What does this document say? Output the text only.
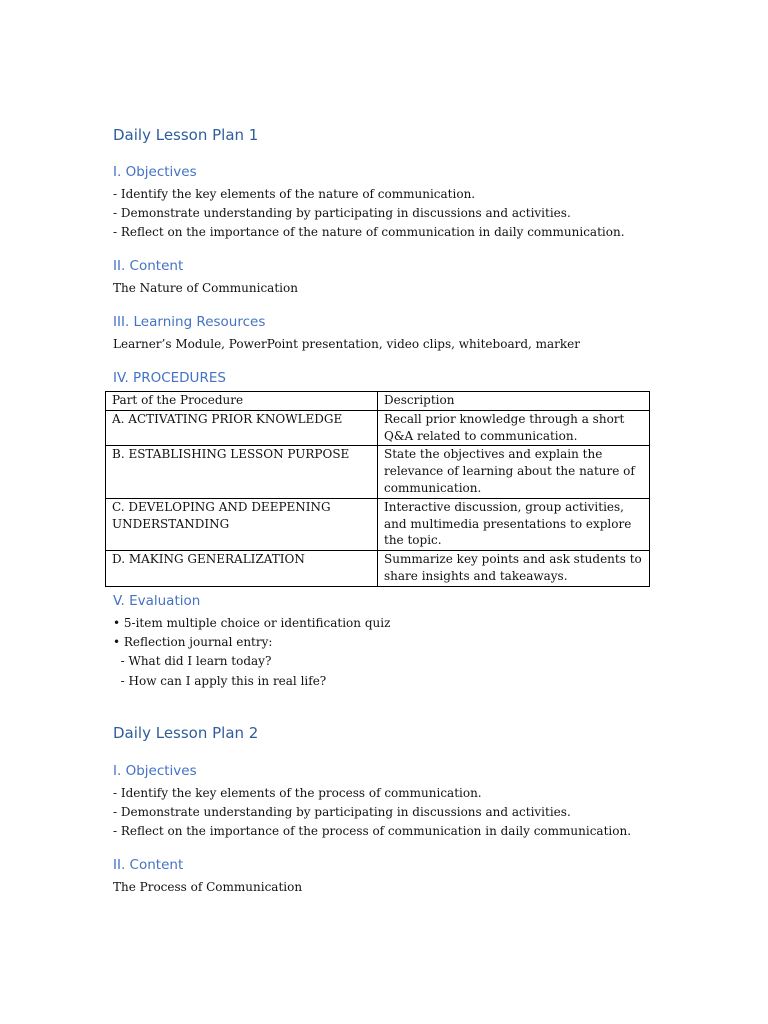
Daily Lesson Plan 1
I. Objectives

- Identify the key elements of the nature of communication.

- Demonstrate understanding by participating in discussions and activities.

- Reflect on the importance of the nature of communication in daily communication.

II. Content

The Nature of Communication

III. Learning Resources

Learner’s Module, PowerPoint presentation, video clips, whiteboard, marker

IV. PROCEDURES
Part of the Procedure	Description
A. ACTIVATING PRIOR KNOWLEDGE	Recall prior knowledge through a short Q&A related to communication.
B. ESTABLISHING LESSON PURPOSE	State the objectives and explain the relevance of learning about the nature of communication.
C. DEVELOPING AND DEEPENING UNDERSTANDING	Interactive discussion, group activities, and multimedia presentations to explore the topic.
D. MAKING GENERALIZATION	Summarize key points and ask students to share insights and takeaways.
V. Evaluation

• 5-item multiple choice or identification quiz

• Reflection journal entry:

- What did I learn today?

- How can I apply this in real life?

Daily Lesson Plan 2
I. Objectives

- Identify the key elements of the process of communication.

- Demonstrate understanding by participating in discussions and activities.

- Reflect on the importance of the process of communication in daily communication.

II. Content

The Process of Communication
